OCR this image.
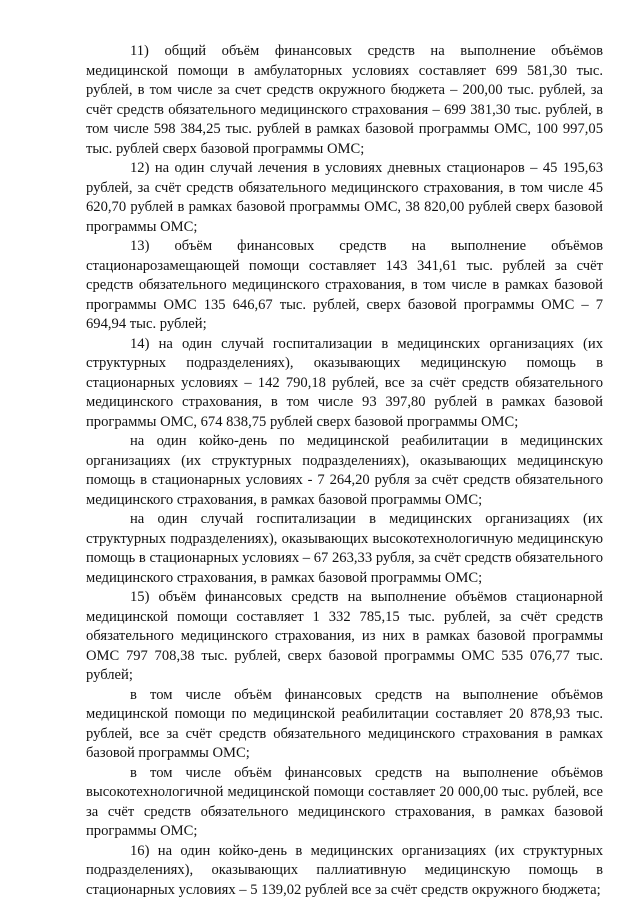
11) общий объём финансовых средств на выполнение объёмов медицинской помощи в амбулаторных условиях составляет 699 581,30 тыс. рублей, в том числе за счет средств окружного бюджета – 200,00 тыс. рублей, за счёт средств обязательного медицинского страхования – 699 381,30 тыс. рублей, в том числе 598 384,25 тыс. рублей в рамках базовой программы ОМС, 100 997,05 тыс. рублей сверх базовой программы ОМС;

12) на один случай лечения в условиях дневных стационаров – 45 195,63 рублей, за счёт средств обязательного медицинского страхования, в том числе 45 620,70 рублей в рамках базовой программы ОМС, 38 820,00 рублей сверх базовой программы ОМС;

13) объём финансовых средств на выполнение объёмов стационарозамещающей помощи составляет 143 341,61 тыс. рублей за счёт средств обязательного медицинского страхования, в том числе в рамках базовой программы ОМС 135 646,67 тыс. рублей, сверх базовой программы ОМС – 7 694,94 тыс. рублей;

14) на один случай госпитализации в медицинских организациях (их структурных подразделениях), оказывающих медицинскую помощь в стационарных условиях – 142 790,18 рублей, все за счёт средств обязательного медицинского страхования, в том числе 93 397,80 рублей в рамках базовой программы ОМС, 674 838,75 рублей сверх базовой программы ОМС;

на один койко-день по медицинской реабилитации в медицинских организациях (их структурных подразделениях), оказывающих медицинскую помощь в стационарных условиях - 7 264,20 рубля за счёт средств обязательного медицинского страхования, в рамках базовой программы ОМС;

на один случай госпитализации в медицинских организациях (их структурных подразделениях), оказывающих высокотехнологичную медицинскую помощь в стационарных условиях – 67 263,33 рубля, за счёт средств обязательного медицинского страхования, в рамках базовой программы ОМС;

15) объём финансовых средств на выполнение объёмов стационарной медицинской помощи составляет 1 332 785,15 тыс. рублей, за счёт средств обязательного медицинского страхования, из них в рамках базовой программы ОМС 797 708,38 тыс. рублей, сверх базовой программы ОМС 535 076,77 тыс. рублей;

в том числе объём финансовых средств на выполнение объёмов медицинской помощи по медицинской реабилитации составляет 20 878,93 тыс. рублей, все за счёт средств обязательного медицинского страхования в рамках базовой программы ОМС;

в том числе объём финансовых средств на выполнение объёмов высокотехнологичной медицинской помощи составляет 20 000,00 тыс. рублей, все за счёт средств обязательного медицинского страхования, в рамках базовой программы ОМС;

16) на один койко-день в медицинских организациях (их структурных подразделениях), оказывающих паллиативную медицинскую помощь в стационарных условиях – 5 139,02 рублей все за счёт средств окружного бюджета;
